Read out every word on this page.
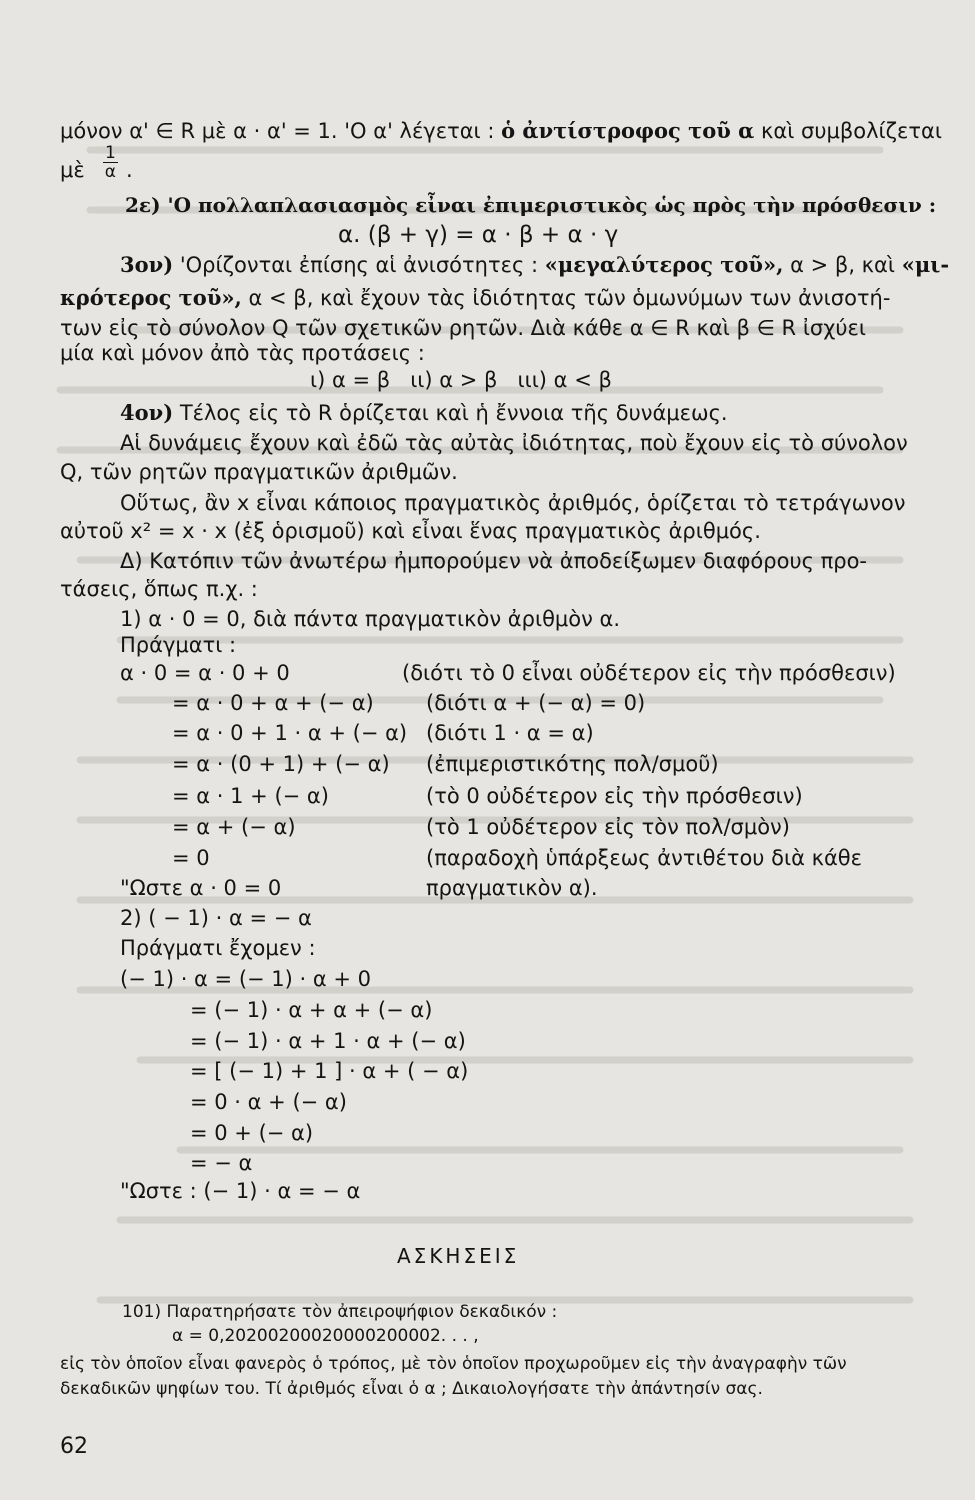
μόνον α' ∈ R μὲ α · α' = 1. 'Ο α' λέγεται : ὁ ἀντίστροφος τοῦ α καὶ συμβολίζεται
μὲ $\frac{1}{\alpha}$ .
2ε) 'Ο πολλαπλασιασμὸς εἶναι ἐπιμεριστικὸς ὡς πρὸς τὴν πρόσθεσιν :
α. (β + γ) = α · β + α · γ
3ον) 'Ορίζονται ἐπίσης αἱ ἀνισότητες : «μεγαλύτερος τοῦ», α > β, καὶ «μι-
κρότερος τοῦ», α < β, καὶ ἔχουν τὰς ἰδιότητας τῶν ὁμωνύμων των ἀνισοτή-
των εἰς τὸ σύνολον Q τῶν σχετικῶν ρητῶν. Διὰ κάθε α ∈ R καὶ β ∈ R ἰσχύει
μία καὶ μόνον ἀπὸ τὰς προτάσεις :
ι) α = β   ιι) α > β   ιιι) α < β
4ον) Τέλος εἰς τὸ R ὁρίζεται καὶ ἡ ἔννοια τῆς δυνάμεως.
Αἱ δυνάμεις ἔχουν καὶ ἐδῶ τὰς αὐτὰς ἰδιότητας, ποὺ ἔχουν εἰς τὸ σύνολον
Q, τῶν ρητῶν πραγματικῶν ἀριθμῶν.
Οὕτως, ἂν x εἶναι κάποιος πραγματικὸς ἀριθμός, ὁρίζεται τὸ τετράγωνον
αὐτοῦ x² = x · x (ἐξ ὁρισμοῦ) καὶ εἶναι ἕνας πραγματικὸς ἀριθμός.
Δ) Κατόπιν τῶν ἀνωτέρω ἠμπορούμεν νὰ ἀποδείξωμεν διαφόρους προ-
τάσεις, ὅπως π.χ. :
1) α · 0 = 0, διὰ πάντα πραγματικὸν ἀριθμὸν α.
Πράγματι :
α · 0 = α · 0 + 0	(διότι τὸ 0 εἶναι οὐδέτερον εἰς τὴν πρόσθεσιν)
= α · 0 + α + (− α) (διότι α + (− α) = 0)
= α · 0 + 1 · α + (− α) (διότι 1 · α = α)
= α · (0 + 1) + (− α) (ἐπιμεριστικότης πολ/σμοῦ)
= α · 1 + (− α)	(τὸ 0 οὐδέτερον εἰς τὴν πρόσθεσιν)
= α + (− α)	(τὸ 1 οὐδέτερον εἰς τὸν πολ/σμὸν)
= 0	(παραδοχὴ ὑπάρξεως ἀντιθέτου διὰ κάθε
"Ωστε α · 0 = 0	πραγματικὸν α).
2) ( − 1) · α = − α
Πράγματι ἔχομεν :
(− 1) · α = (− 1) · α + 0
= (− 1) · α + α + (− α)
= (− 1) · α + 1 · α + (− α)
= [ (− 1) + 1 ] · α + ( − α)
= 0 · α + (− α)
= 0 + (− α)
= − α
"Ωστε : (− 1) · α = − α
ΑΣΚΗΣΕΙΣ
101) Παρατηρήσατε τὸν ἀπειροψήφιον δεκαδικόν :
α = 0,20200200020000200002. . . ,
εἰς τὸν ὁποῖον εἶναι φανερὸς ὁ τρόπος, μὲ τὸν ὁποῖον προχωροῦμεν εἰς τὴν ἀναγραφὴν τῶν
δεκαδικῶν ψηφίων του. Τί ἀριθμός εἶναι ὁ α ; Δικαιολογήσατε τὴν ἀπάντησίν σας.
62
